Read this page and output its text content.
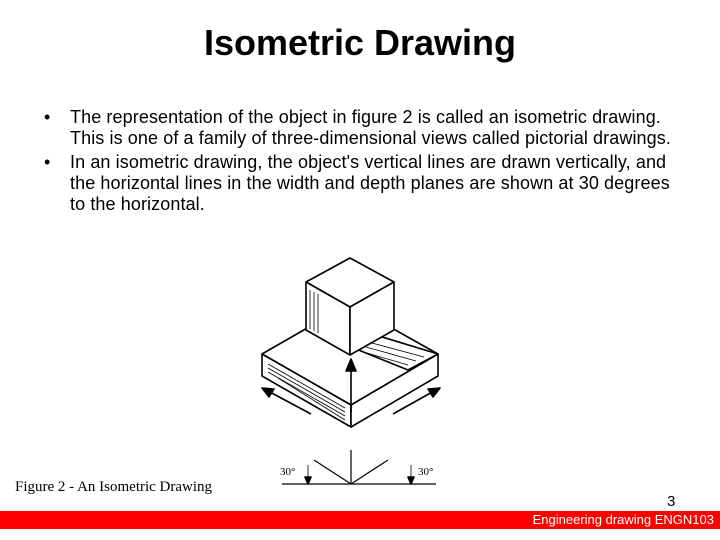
Isometric Drawing
• The representation of the object in figure 2 is called an isometric drawing. This is one of a family of three-dimensional views called pictorial drawings.
• In an isometric drawing, the object's vertical lines are drawn vertically, and the horizontal lines in the width and depth planes are shown at 30 degrees to the horizontal.
30°	30°
Figure 2 - An Isometric Drawing
3
Engineering drawing ENGN103
